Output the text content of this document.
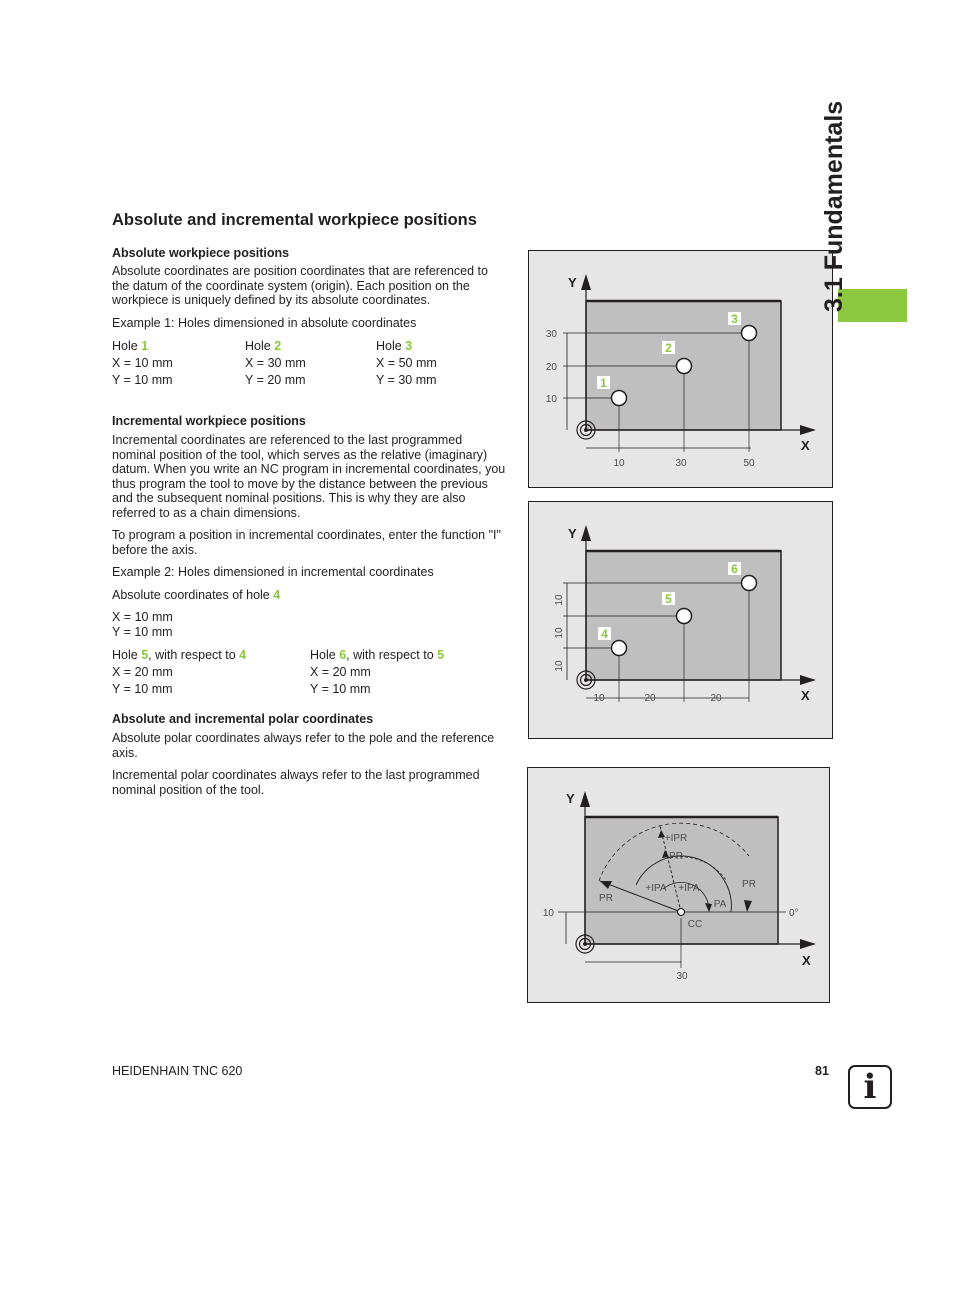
Absolute and incremental workpiece positions
Absolute workpiece positions

Absolute coordinates are position coordinates that are referenced to the datum of the coordinate system (origin). Each position on the workpiece is uniquely defined by its absolute coordinates.

Example 1: Holes dimensioned in absolute coordinates

Hole 1
X = 10 mm
Y = 10 mm
Hole 2
X = 30 mm
Y = 20 mm
Hole 3
X = 50 mm
Y = 30 mm
Incremental workpiece positions

Incremental coordinates are referenced to the last programmed nominal position of the tool, which serves as the relative (imaginary) datum. When you write an NC program in incremental coordinates, you thus program the tool to move by the distance between the previous and the subsequent nominal positions. This is why they are also referred to as a chain dimensions.

To program a position in incremental coordinates, enter the function "I" before the axis.

Example 2: Holes dimensioned in incremental coordinates

Absolute coordinates of hole 4
X = 10 mm
Y = 10 mm
Hole 5, with respect to 4
X = 20 mm
Y = 10 mm
Hole 6, with respect to 5
X = 20 mm
Y = 10 mm
Absolute and incremental polar coordinates

Absolute polar coordinates always refer to the pole and the reference axis.

Incremental polar coordinates always refer to the last programmed nominal position of the tool.

1
2
3
Y
X
30
20
10
10	30	50
4
5
6
Y
X
10
10
10
10	20	20
Y
X
10
30
0°
CC
+IPR
PR
+IPA +IPA	PR
PR
PA
3.1 Fundamentals
HEIDENHAIN TNC 620	81	i
